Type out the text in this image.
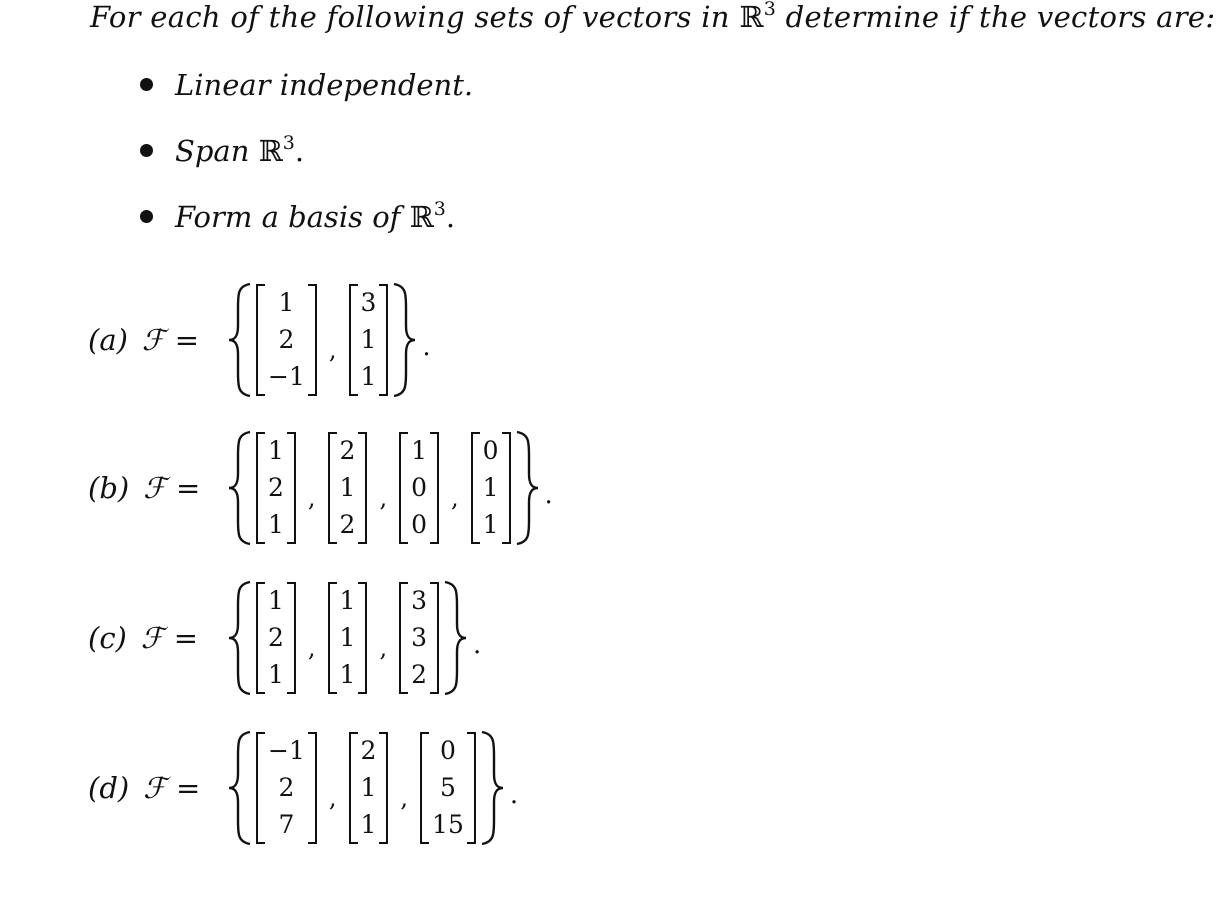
For each of the following sets of vectors in ℝ$^3$ determine if the vectors are:
Linear independent.
Span ℝ$^3$.
Form a basis of ℝ$^3$.
(a) ℱ =
1
2
−1
,
3
1
1
.
(b) ℱ =
1
2
1
,
2
1
2
,
1
0
0
,
0
1
1
.
(c) ℱ =
1
2
1
,
1
1
1
,
3
3
2
.
(d) ℱ =
−1
2
7
,
2
1
1
,
0
5
15
.
